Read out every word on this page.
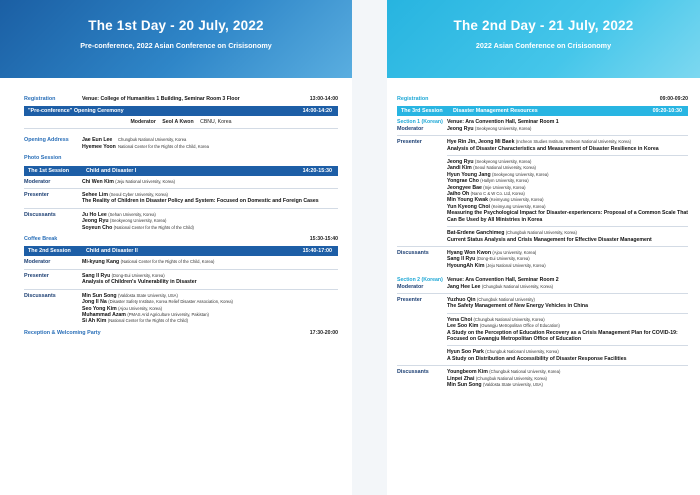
The 1st Day - 20 July, 2022
Pre-conference, 2022 Asian Conference on Crisisonomy
Registration	Venue: College of Humanities 1 Building, Seminar Room 3 Floor	13:00-14:00
"Pre-conference" Opening Ceremony	14:00-14:20
Moderator Seol A Kwon CBNU, Korea
Opening Address	Jae Eun Lee Chungbuk National University, Korea
Hyemee Yoon National Center for the Rights of the Child, Korea
Photo Session
The 1st Session	Child and Disaster I	14:20-15:30
Moderator	Chi Wen Kim (Jeju National University, Korea)
Presenter	Sehee Lim (Seoul Cyber University, Korea)
The Reality of Children in Disaster Policy and System: Focused on Domestic and Foreign Cases
Discussants	Ju Ho Lee (Sehan University, Korea)
Jeong Ryu (Seokyeong University, Korea)
Soyeun Cho (National Center for the Rights of the Child)
Coffee Break	15:30-15:40
The 2nd Session	Child and Disaster II	15:40-17:00
Moderator	Mi-kyung Kang (National Center for the Rights of the Child, Korea)
Presenter	Sang Il Ryu (Dong-Eui University, Korea)
Analysis of Children's Vulnerability in Disaster
Discussants	Min Sun Song (Valdosta State University, USA)
Jong Il Na (Disaster Safety Institute, Korea Relief Disaster Association, Korea)
Seo Yong Kim (Ajou University, Korea)
Muhammad Azam (PMAS Arid Agriculture University, Pakistan)
Si Ah Kim (National Center for the Rights of the Child)
Reception & Welcoming Party	17:30-20:00
The 2nd Day - 21 July, 2022
2022 Asian Conference on Crisisonomy
Registration	09:00-09:20
The 3rd Session	Disaster Management Resources	09:20-10:30
Section 1 (Korean) Venue: Ara Convention Hall, Seminar Room 1
Moderator	Jeong Ryu (Seokyeong University, Korea)
Presenter	Hye Rin Jin, Jeong Mi Baek (Incheon Studies Institute, Incheon National University, Korea)
Analysis of Disaster Characteristics and Measurement of Disaster Resilience in Korea
Jeong Ryu (Seokyeong University, Korea)
Jandi Kim (Seoul National University, Korea)
Hyun Young Jang (Seokyeong University, Korea)
Yongrae Cho (Hallym University, Korea)
Jeongyee Bae (Inje University, Korea)
Jaiho Oh (Nano C & W Co. Ltd, Korea)
Min Young Kwak (Keimyung University, Korea)
Yun Kyeong Choi (Keimyung University, Korea)
Measuring the Psychological Impact for Disaster-experiencers: Proposal of a Common Scale That Can Be Used by All Ministries in Korea
Bat-Erdene Ganchimeg (Chungbuk National University, Korea)
Current Status Analysis and Crisis Management for Effective Disaster Management
Discussants	Hyang Won Kwon (Ajou University, Korea)
Sang Il Ryu (Dong-Eui University, Korea)
HyoungAh Kim (Jeju National University, Korea)
Section 2 (Korean) Venue: Ara Convention Hall, Seminar Room 2
Moderator	Jang Hee Lee (Chungbuk National University, Korea)
Presenter	Yuzhuo Qin (Chungbuk National University)
The Safety Management of New Energy Vehicles in China
Yena Choi (Chungbuk National University, Korea)
Lee Soo Kim (Gwangju Metropolitan Office of Education)
A Study on the Perception of Education Recovery as a Crisis Management Plan for COVID-19: Focused on Gwangju Metropolitan Office of Education
Hyun Soo Park (Chungbuk Nationanl University, Korea)
A Study on Distribution and Accessibility of Disaster Response Facilities
Discussants	Youngbeom Kim (Chungbuk National University, Korea)
Linpei Zhai (Chungbuk National University, Korea)
Min Sun Song (Valdosta State University, USA)
